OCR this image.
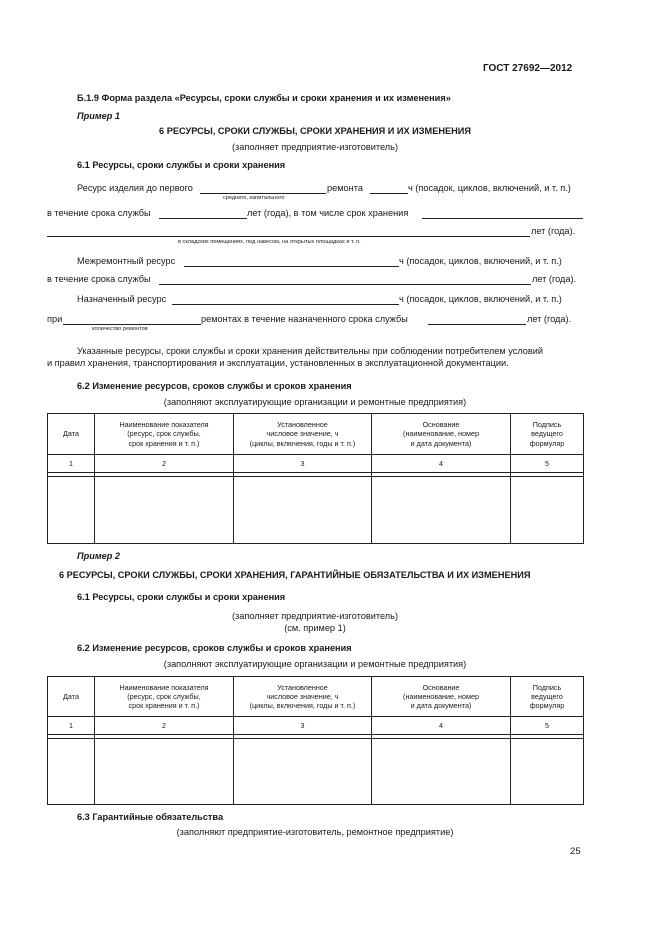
ГОСТ 27692—2012
Б.1.9 Форма раздела «Ресурсы, сроки службы и сроки хранения и их изменения»
Пример 1
6 РЕСУРСЫ, СРОКИ СЛУЖБЫ, СРОКИ ХРАНЕНИЯ И ИХ ИЗМЕНЕНИЯ
(заполняет предприятие-изготовитель)
6.1 Ресурсы, сроки службы и сроки хранения
Ресурс изделия до первого	ремонта	ч (посадок, циклов, включений, и т. п.)
среднего, капитального
в течение срока службы	лет (года), в том числе срок хранения
лет (года).
в складских помещениях, под навесом, на открытых площадках и т. п.
Межремонтный ресурс	ч (посадок, циклов, включений, и т. п.)
в течение срока службы	лет (года).
Назначенный ресурс	ч (посадок, циклов, включений, и т. п.)
при	ремонтах в течение назначенного срока службы	лет (года).
количество ремонтов
Указанные ресурсы, сроки службы и сроки хранения действительны при соблюдении потребителем условий
и правил хранения, транспортирования и эксплуатации, установленных в эксплуатационной документации.
6.2 Изменение ресурсов, сроков службы и сроков хранения
(заполняют эксплуатирующие организации и ремонтные предприятия)
Дата	Наименование показателя
(ресурс, срок службы,
срок хранения и т. п.)	Установленное
числовое значение, ч
(циклы, включения, годы и т. п.)	Основание
(наименование, номер
и дата документа)	Подпись
ведущего
формуляр

1	2	3	4	5

Пример 2
6 РЕСУРСЫ, СРОКИ СЛУЖБЫ, СРОКИ ХРАНЕНИЯ, ГАРАНТИЙНЫЕ ОБЯЗАТЕЛЬСТВА И ИХ ИЗМЕНЕНИЯ
6.1 Ресурсы, сроки службы и сроки хранения
(заполняет предприятие-изготовитель)
(см. пример 1)
6.2 Изменение ресурсов, сроков службы и сроков хранения
(заполняют эксплуатирующие организации и ремонтные предприятия)
Дата	Наименование показателя
(ресурс, срок службы,
срок хранения и т. п.)	Установленное
числовое значение, ч
(циклы, включения, годы и т. п.)	Основание
(наименование, номер
и дата документа)	Подпись
ведущего
формуляр

1	2	3	4	5

6.3 Гарантийные обязательства
(заполняют предприятие-изготовитель, ремонтное предприятие)
25
